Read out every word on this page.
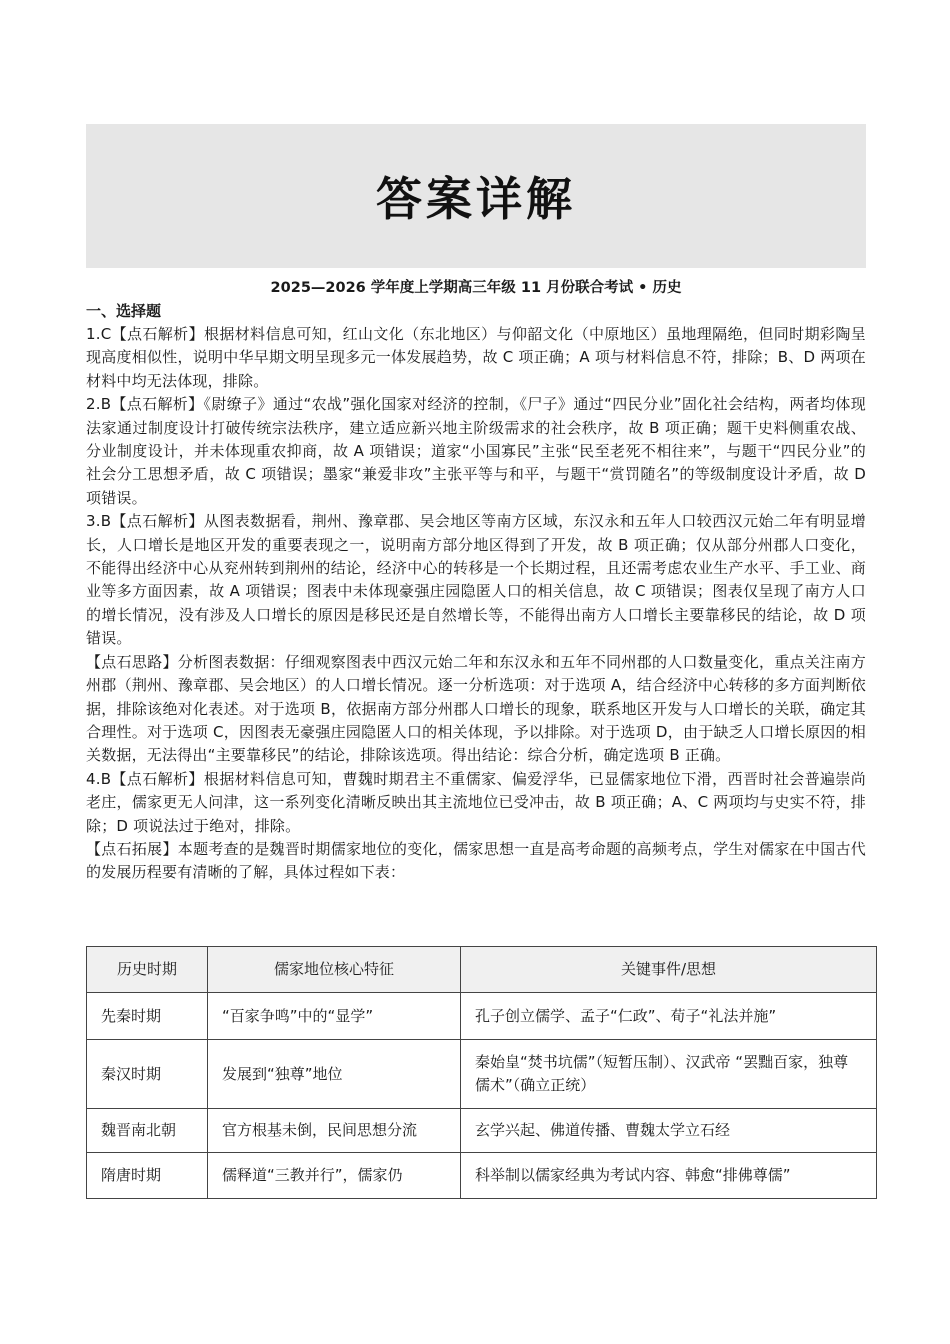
答案详解
2025—2026 学年度上学期高三年级 11 月份联合考试 • 历史
一、选择题

1.C【点石解析】根据材料信息可知，红山文化（东北地区）与仰韶文化（中原地区）虽地理隔绝，但同时期彩陶呈现高度相似性，说明中华早期文明呈现多元一体发展趋势，故 C 项正确；A 项与材料信息不符，排除；B、D 两项在材料中均无法体现，排除。

2.B【点石解析】《尉缭子》通过“农战”强化国家对经济的控制，《尸子》通过“四民分业”固化社会结构，两者均体现法家通过制度设计打破传统宗法秩序，建立适应新兴地主阶级需求的社会秩序，故 B 项正确；题干史料侧重农战、分业制度设计，并未体现重农抑商，故 A 项错误；道家“小国寡民”主张“民至老死不相往来”，与题干“四民分业”的社会分工思想矛盾，故 C 项错误；墨家“兼爱非攻”主张平等与和平，与题干“赏罚随名”的等级制度设计矛盾，故 D 项错误。

3.B【点石解析】从图表数据看，荆州、豫章郡、吴会地区等南方区域，东汉永和五年人口较西汉元始二年有明显增长，人口增长是地区开发的重要表现之一，说明南方部分地区得到了开发，故 B 项正确；仅从部分州郡人口变化，不能得出经济中心从兖州转到荆州的结论，经济中心的转移是一个长期过程，且还需考虑农业生产水平、手工业、商业等多方面因素，故 A 项错误；图表中未体现豪强庄园隐匿人口的相关信息，故 C 项错误；图表仅呈现了南方人口的增长情况，没有涉及人口增长的原因是移民还是自然增长等，不能得出南方人口增长主要靠移民的结论，故 D 项错误。

【点石思路】分析图表数据：仔细观察图表中西汉元始二年和东汉永和五年不同州郡的人口数量变化，重点关注南方州郡（荆州、豫章郡、吴会地区）的人口增长情况。逐一分析选项：对于选项 A，结合经济中心转移的多方面判断依据，排除该绝对化表述。对于选项 B，依据南方部分州郡人口增长的现象，联系地区开发与人口增长的关联，确定其合理性。对于选项 C，因图表无豪强庄园隐匿人口的相关体现，予以排除。对于选项 D，由于缺乏人口增长原因的相关数据，无法得出“主要靠移民”的结论，排除该选项。得出结论：综合分析，确定选项 B 正确。

4.B【点石解析】根据材料信息可知，曹魏时期君主不重儒家、偏爱浮华，已显儒家地位下滑，西晋时社会普遍崇尚老庄，儒家更无人问津，这一系列变化清晰反映出其主流地位已受冲击，故 B 项正确；A、C 两项均与史实不符，排除；D 项说法过于绝对，排除。

【点石拓展】本题考查的是魏晋时期儒家地位的变化，儒家思想一直是高考命题的高频考点，学生对儒家在中国古代的发展历程要有清晰的了解，具体过程如下表：

历史时期	儒家地位核心特征	关键事件/思想
先秦时期	“百家争鸣”中的“显学”	孔子创立儒学、孟子“仁政”、荀子“礼法并施”
秦汉时期	发展到“独尊”地位	秦始皇“焚书坑儒”（短暂压制）、汉武帝 “罢黜百家，独尊儒术”（确立正统）
魏晋南北朝	官方根基未倒，民间思想分流	玄学兴起、佛道传播、曹魏太学立石经
隋唐时期	儒释道“三教并行”，儒家仍	科举制以儒家经典为考试内容、韩愈“排佛尊儒”
